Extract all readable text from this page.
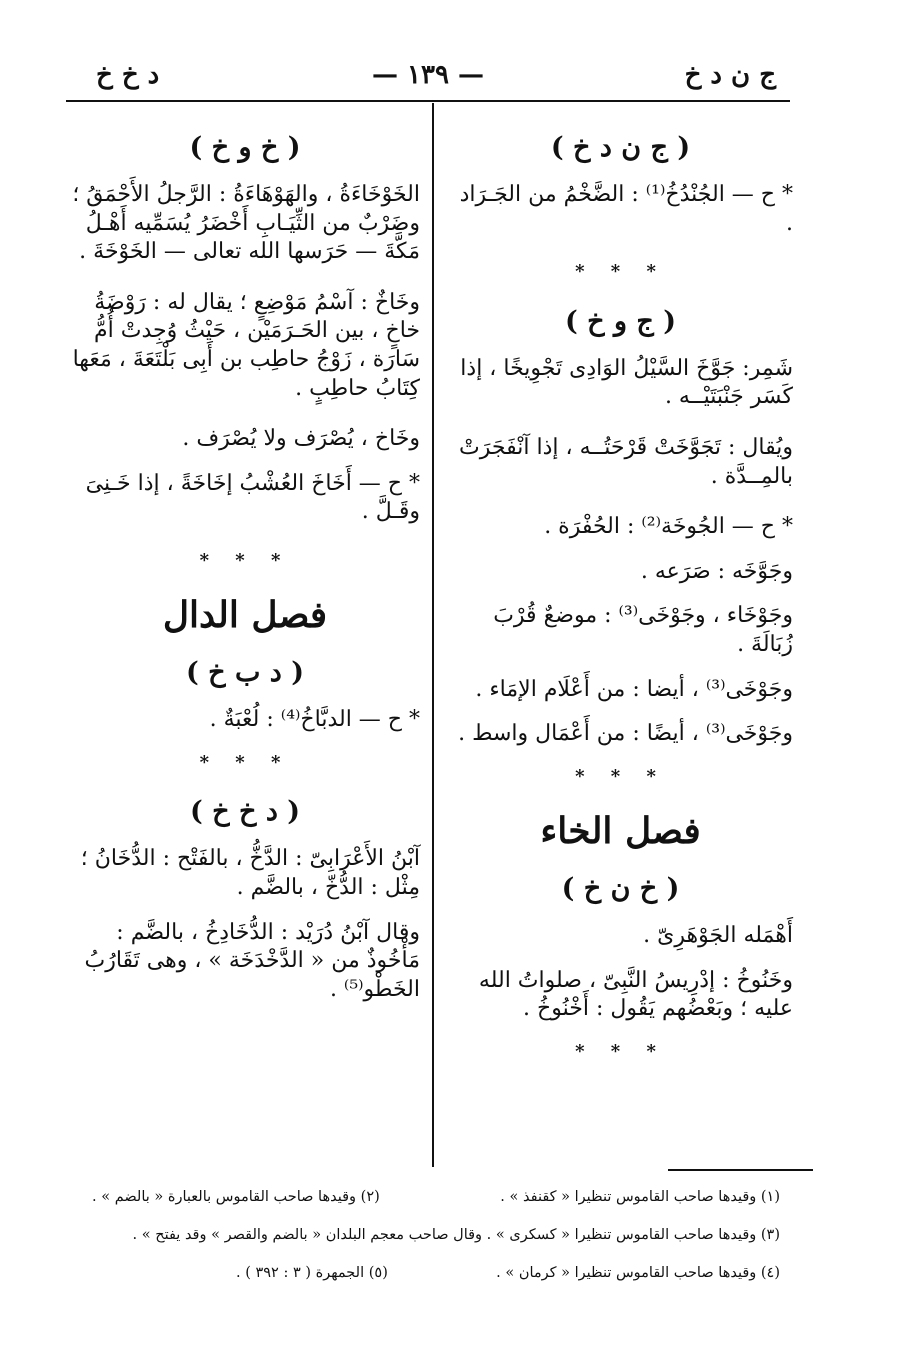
ج ن د خ
— ١٣٩ —
د خ خ
( ج ن د خ )
* ح — الجُنْدُخُ⁽¹⁾ : الضَّخْمُ من الجَـرَاد .
* * *
( ج و خ )
شَمِر: جَوَّخَ السَّيْلُ الوَادِى تَجْوِيخًا ، إذا كَسَر جَنْبَتَيْــه .
ويُقال : تَجَوَّخَتْ قَرْحَتُــه ، إذا آنْفَجَرَتْ بالمِــدَّة .
* ح — الجُوخَة⁽²⁾ : الحُفْرَة .
وجَوَّخَه : صَرَعه .
وجَوْخَاء ، وجَوْخَى⁽³⁾ : موضعٌ قُرْبَ زُبَالَةَ .
وجَوْخَى⁽³⁾ ، أيضا : من أَعْلَام الإمَاء .
وجَوْخَى⁽³⁾ ، أيضًا : من أَعْمَال واسط .
* * *
فصل الخاء
( خ ن خ )
أَهْمَله الجَوْهَرِىّ .
وخَنُوخُ : إدْرِيسُ النَّبِىّ ، صلواتُ الله عليه ؛ وبَعْضُهم يَقُول : أَخْنُوخُ .
* * *
( خ و خ )
الخَوْخَاءَةُ ، والهَوْهَاءَةُ : الرَّجلُ الأَحْمَقُ ؛ وضَرْبٌ من الثِّيَـابِ أَخْضَرُ يُسَمِّيه أَهْـلُ مَكَّةَ — حَرَسها الله تعالى — الخَوْخَةَ .
وخَاخٌ : آسْمُ مَوْضِعٍ ؛ يقال له : رَوْضَةُ خاخٍ ، بين الحَـرَمَيْن ، حَيْثُ وُجِدتْ أُمُّ سَارَة ، زَوْجُ حاطِب بن أَبِى بَلْتَعَةَ ، مَعَها كِتَابُ حاطِبٍ .
وخَاخ ، يُصْرَف ولا يُصْرَف .
* ح — أَخَاخَ العُشْبُ إخَاخَةً ، إذا خَـنِىَ وقَـلَّ .
* * *
فصل الدال
( د ب خ )
* ح — الدبَّاخُ⁽⁴⁾ : لُعْبَةٌ .
* * *
( د خ خ )
آبْنُ الأَعْرَابِىّ : الدَّخُّ ، بالفَتْح : الدُّخَانُ ؛ مِثْل : الدُّخّ ، بالضَّم .
وقال آبْنُ دُرَيْد : الدُّخَادِخُ ، بالضَّم : مَأْخُوذٌ من « الدَّخْدَخَة » ، وهى تَقَارُبُ الخَطْو⁽⁵⁾ .
(١) وقيدها صاحب القاموس تنظيرا « كقنفذ » .
(٢) وقيدها صاحب القاموس بالعبارة « بالضم » .
(٣) وقيدها صاحب القاموس تنظيرا « كسكرى » . وقال صاحب معجم البلدان « بالضم والقصر » وقد يفتح » .
(٤) وقيدها صاحب القاموس تنظيرا « كرمان » .
(٥) الجمهرة ( ٣ : ٣٩٢ ) .
